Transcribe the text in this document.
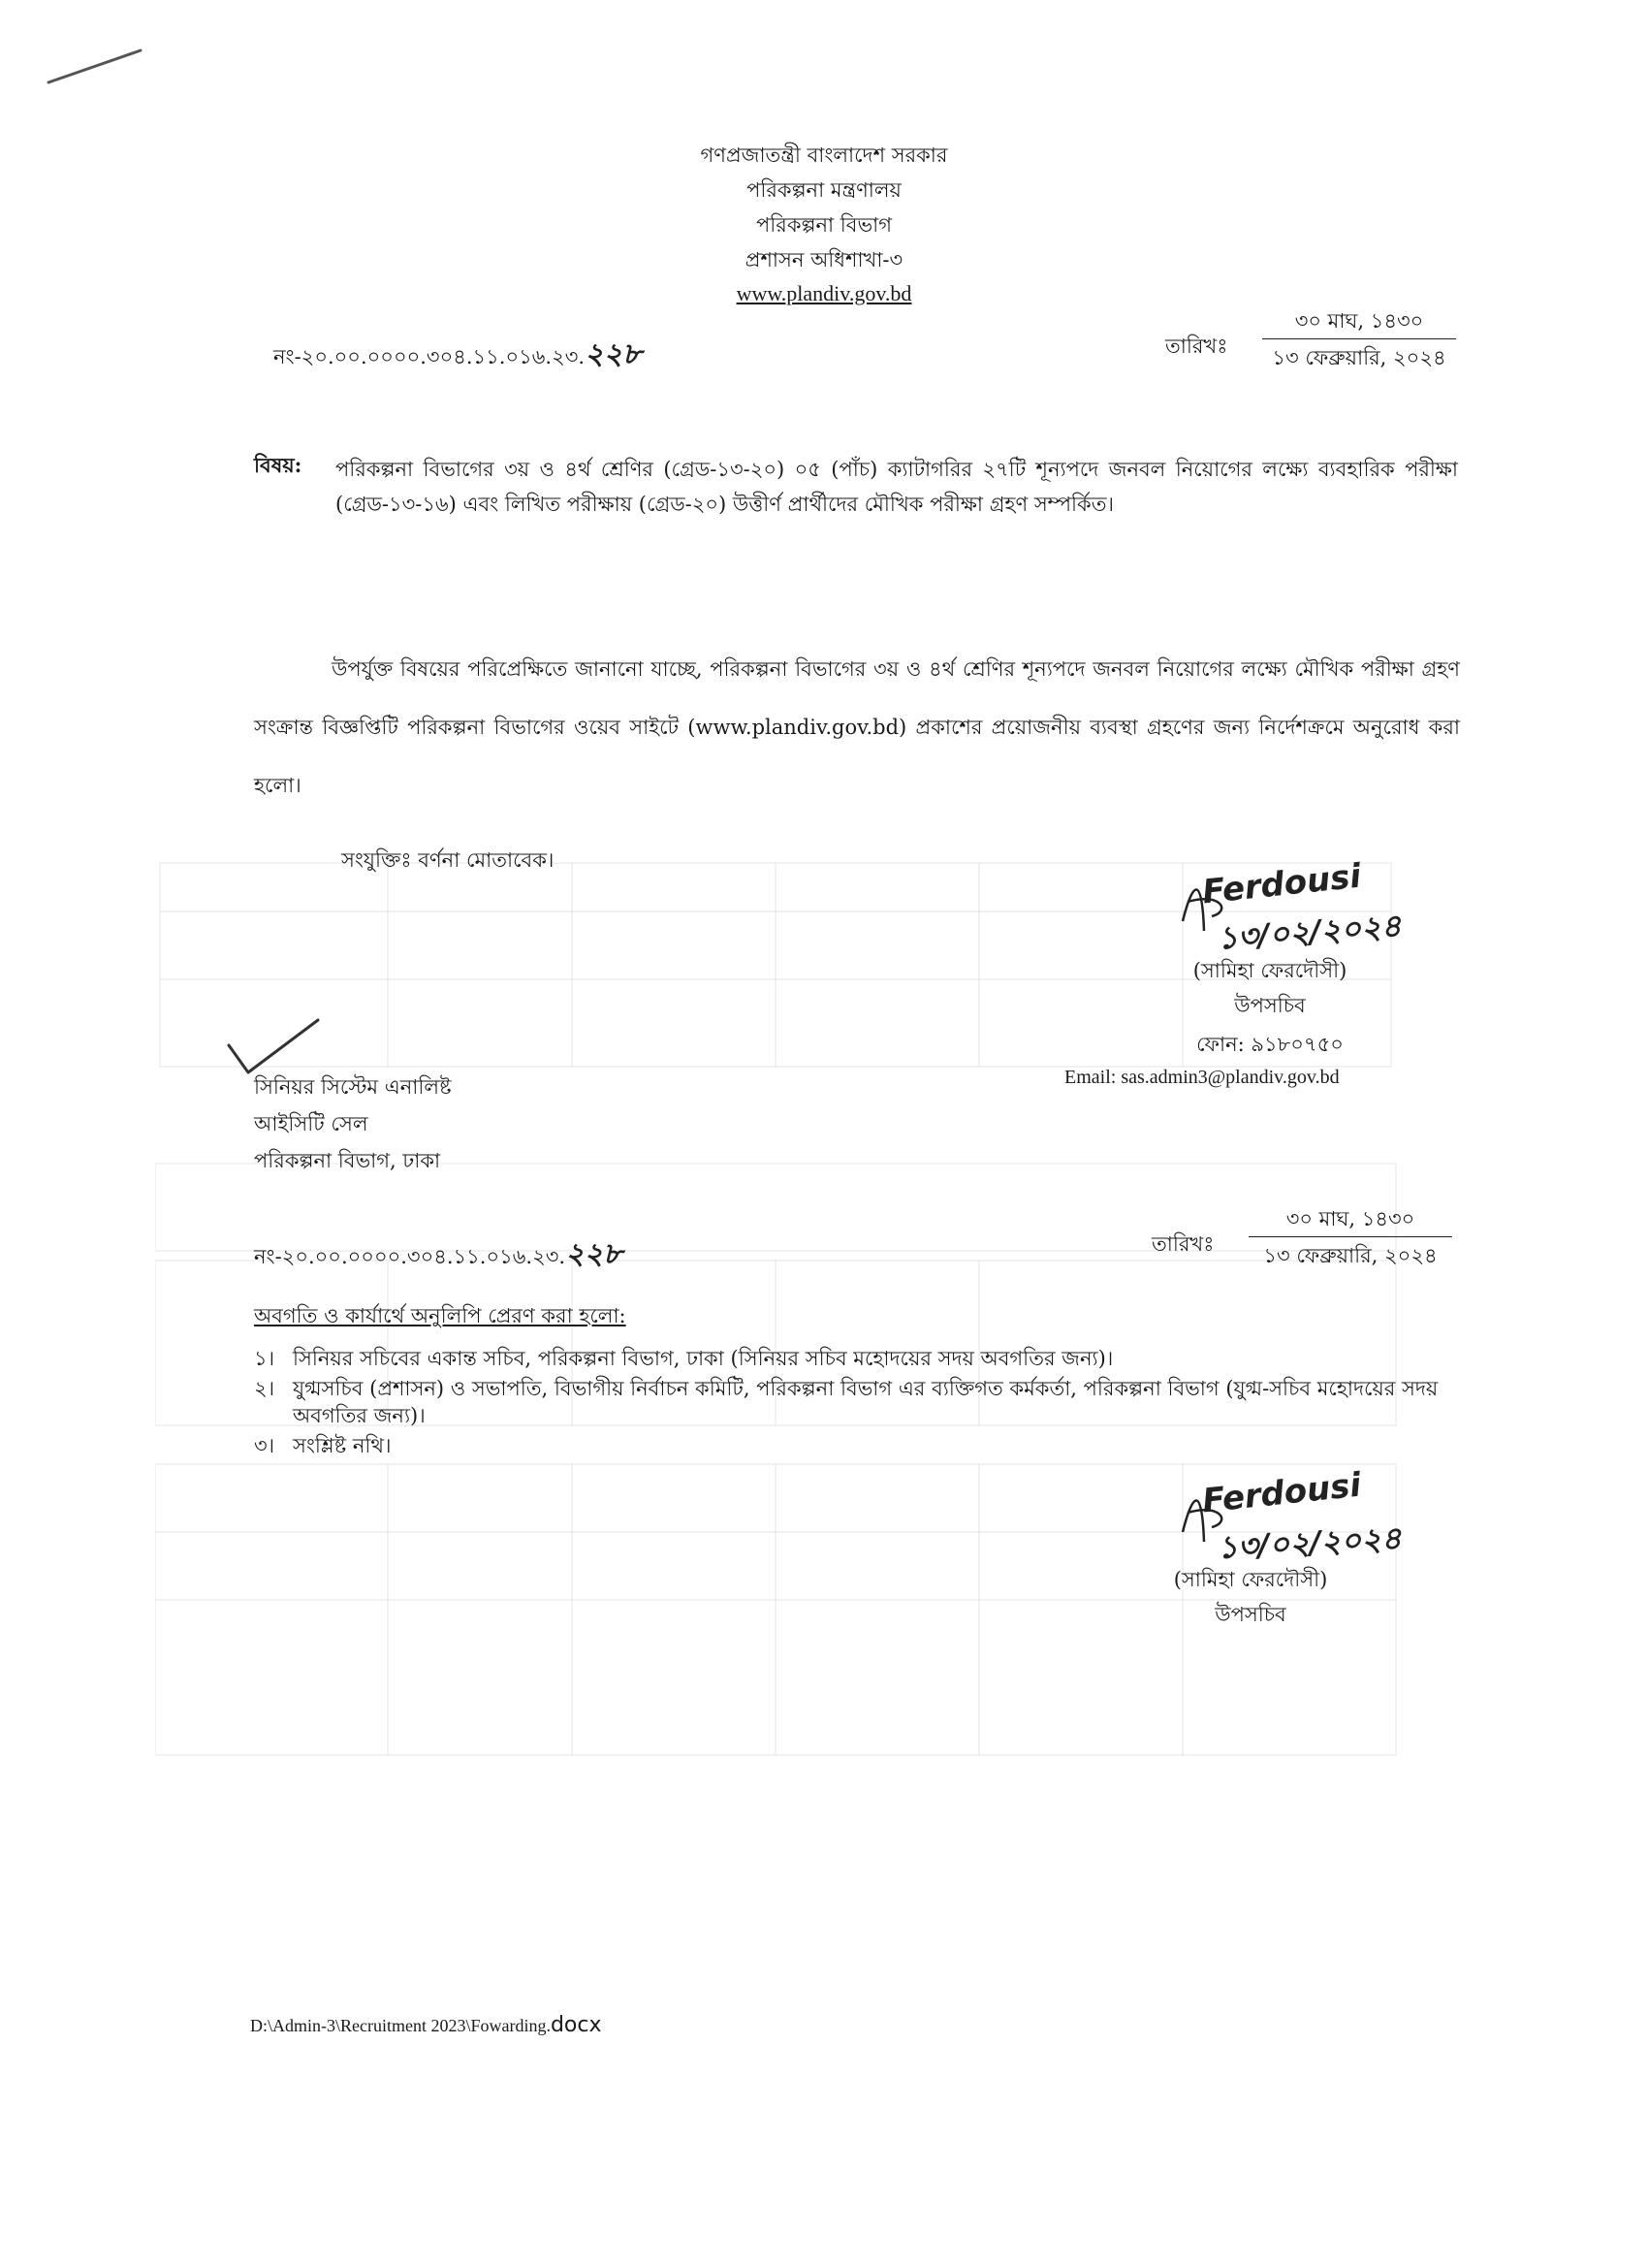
গণপ্রজাতন্ত্রী বাংলাদেশ সরকার
পরিকল্পনা মন্ত্রণালয়
পরিকল্পনা বিভাগ
প্রশাসন অধিশাখা-৩
www.plandiv.gov.bd
নং-২০.০০.০০০০.৩০৪.১১.০১৬.২৩.২২৮	তারিখঃ
৩০ মাঘ, ১৪৩০
১৩ ফেব্রুয়ারি, ২০২৪
বিষয়: পরিকল্পনা বিভাগের ৩য় ও ৪র্থ শ্রেণির (গ্রেড-১৩-২০) ০৫ (পাঁচ) ক্যাটাগরির ২৭টি শূন্যপদে জনবল নিয়োগের লক্ষ্যে ব্যবহারিক পরীক্ষা (গ্রেড-১৩-১৬) এবং লিখিত পরীক্ষায় (গ্রেড-২০) উত্তীর্ণ প্রার্থীদের মৌখিক পরীক্ষা গ্রহণ সম্পর্কিত।
উপর্যুক্ত বিষয়ের পরিপ্রেক্ষিতে জানানো যাচ্ছে, পরিকল্পনা বিভাগের ৩য় ও ৪র্থ শ্রেণির শূন্যপদে জনবল নিয়োগের লক্ষ্যে মৌখিক পরীক্ষা গ্রহণ সংক্রান্ত বিজ্ঞপ্তিটি পরিকল্পনা বিভাগের ওয়েব সাইটে (www.plandiv.gov.bd) প্রকাশের প্রয়োজনীয় ব্যবস্থা গ্রহণের জন্য নির্দেশক্রমে অনুরোধ করা হলো।
সংযুক্তিঃ বর্ণনা মোতাবেক।	Ferdousi
১৩/০২/২০২৪
(সামিহা ফেরদৌসী)
উপসচিব
ফোন: ৯১৮০৭৫০
Email: sas.admin3@plandiv.gov.bd
সিনিয়র সিস্টেম এনালিষ্ট
আইসিটি সেল
পরিকল্পনা বিভাগ, ঢাকা
নং-২০.০০.০০০০.৩০৪.১১.০১৬.২৩.২২৮	তারিখঃ
৩০ মাঘ, ১৪৩০
১৩ ফেব্রুয়ারি, ২০২৪
অবগতি ও কার্যার্থে অনুলিপি প্রেরণ করা হলো:
১। সিনিয়র সচিবের একান্ত সচিব, পরিকল্পনা বিভাগ, ঢাকা (সিনিয়র সচিব মহোদয়ের সদয় অবগতির জন্য)।
২। যুগ্মসচিব (প্রশাসন) ও সভাপতি, বিভাগীয় নির্বাচন কমিটি, পরিকল্পনা বিভাগ এর ব্যক্তিগত কর্মকর্তা, পরিকল্পনা বিভাগ (যুগ্ম-সচিব মহোদয়ের সদয় অবগতির জন্য)।
৩। সংশ্লিষ্ট নথি।
Ferdousi
১৩/০২/২০২৪
(সামিহা ফেরদৌসী)
উপসচিব
D:\Admin-3\Recruitment 2023\Fowarding.docx
